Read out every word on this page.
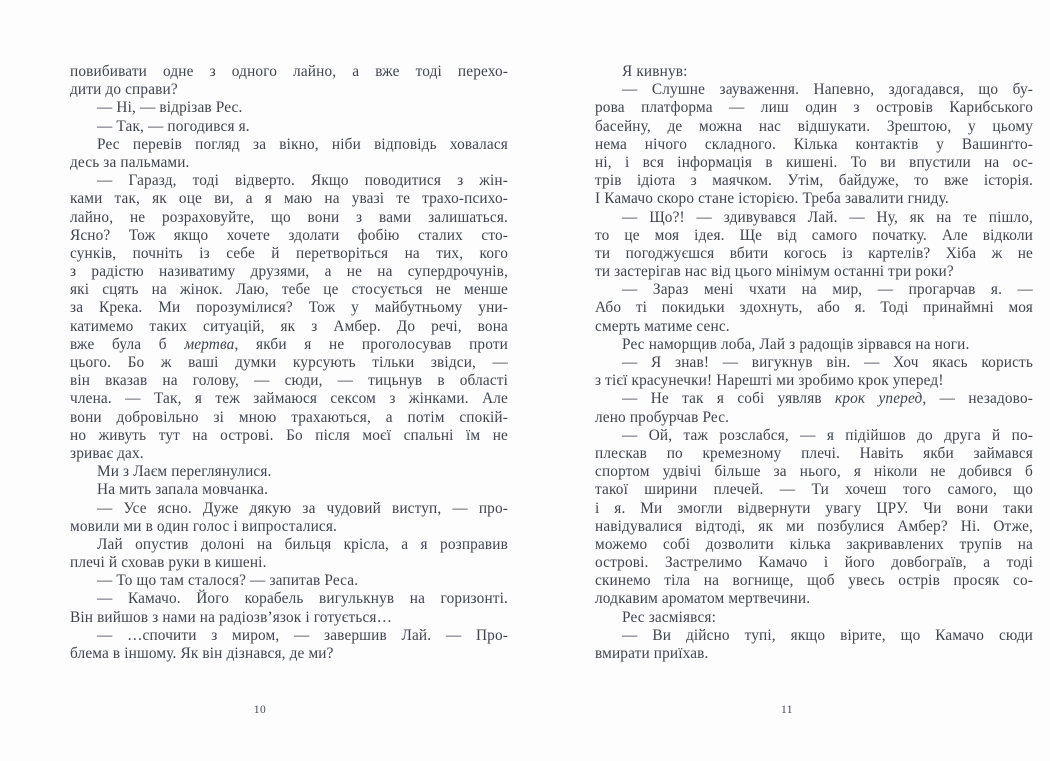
повибивати одне з одного лайно, а вже тоді перехо-
дити до справи?
— Ні, — відрізав Рес.
— Так, — погодився я.
Рес перевів погляд за вікно, ніби відповідь ховалася
десь за пальмами.
— Гаразд, тоді відверто. Якщо поводитися з жін-
ками так, як оце ви, а я маю на увазі те трахо-психо-
лайно, не розраховуйте, що вони з вами залишаться.
Ясно? Тож якщо хочете здолати фобію сталих сто-
сунків, почніть із себе й перетворіться на тих, кого
з радістю називатиму друзями, а не на супердрочунів,
які сцять на жінок. Лаю, тебе це стосується не менше
за Крека. Ми порозумілися? Тож у майбутньому уни-
катимемо таких ситуацій, як з Амбер. До речі, вона
вже була б мертва, якби я не проголосував проти
цього. Бо ж ваші думки курсують тільки звідси, —
він вказав на голову, — сюди, — тицьнув в області
члена. — Так, я теж займаюся сексом з жінками. Але
вони добровільно зі мною трахаються, а потім спокій-
но живуть тут на острові. Бо після моєї спальні їм не
зриває дах.
Ми з Лаєм переглянулися.
На мить запала мовчанка.
— Усе ясно. Дуже дякую за чудовий виступ, — про-
мовили ми в один голос і випросталися.
Лай опустив долоні на бильця крісла, а я розправив
плечі й сховав руки в кишені.
— То що там сталося? — запитав Реса.
— Камачо. Його корабель вигулькнув на горизонті.
Він вийшов з нами на радіозв’язок і готується…
— …спочити з миром, — завершив Лай. — Про-
блема в іншому. Як він дізнався, де ми?
Я кивнув:
— Слушне зауваження. Напевно, здогадався, що бу-
рова платформа — лиш один з островів Карибського
басейну, де можна нас відшукати. Зрештою, у цьому
нема нічого складного. Кілька контактів у Вашинґто-
ні, і вся інформація в кишені. То ви впустили на ос-
трів ідіота з маячком. Утім, байдуже, то вже історія.
І Камачо скоро стане історією. Треба завалити гниду.
— Що?! — здивувався Лай. — Ну, як на те пішло,
то це моя ідея. Ще від самого початку. Але відколи
ти погоджуєшся вбити когось із картелів? Хіба ж не
ти застерігав нас від цього мінімум останні три роки?
— Зараз мені чхати на мир, — прогарчав я. —
Або ті покидьки здохнуть, або я. Тоді принаймні моя
смерть матиме сенс.
Рес наморщив лоба, Лай з радощів зірвався на ноги.
— Я знав! — вигукнув він. — Хоч якась користь
з тієї красунечки! Нарешті ми зробимо крок уперед!
— Не так я собі уявляв крок уперед, — незадово-
лено пробурчав Рес.
— Ой, таж розслабся, — я підійшов до друга й по-
плескав по кремезному плечі. Навіть якби займався
спортом удвічі більше за нього, я ніколи не добився б
такої ширини плечей. — Ти хочеш того самого, що
і я. Ми змогли відвернути увагу ЦРУ. Чи вони таки
навідувалися відтоді, як ми позбулися Амбер? Ні. Отже,
можемо собі дозволити кілька закривавлених трупів на
острові. Застрелимо Камачо і його довбограїв, а тоді
скинемо тіла на вогнище, щоб увесь острів просяк со-
лодкавим ароматом мертвечини.
Рес засміявся:
— Ви дійсно тупі, якщо вірите, що Камачо сюди
вмирати приїхав.
10	11
